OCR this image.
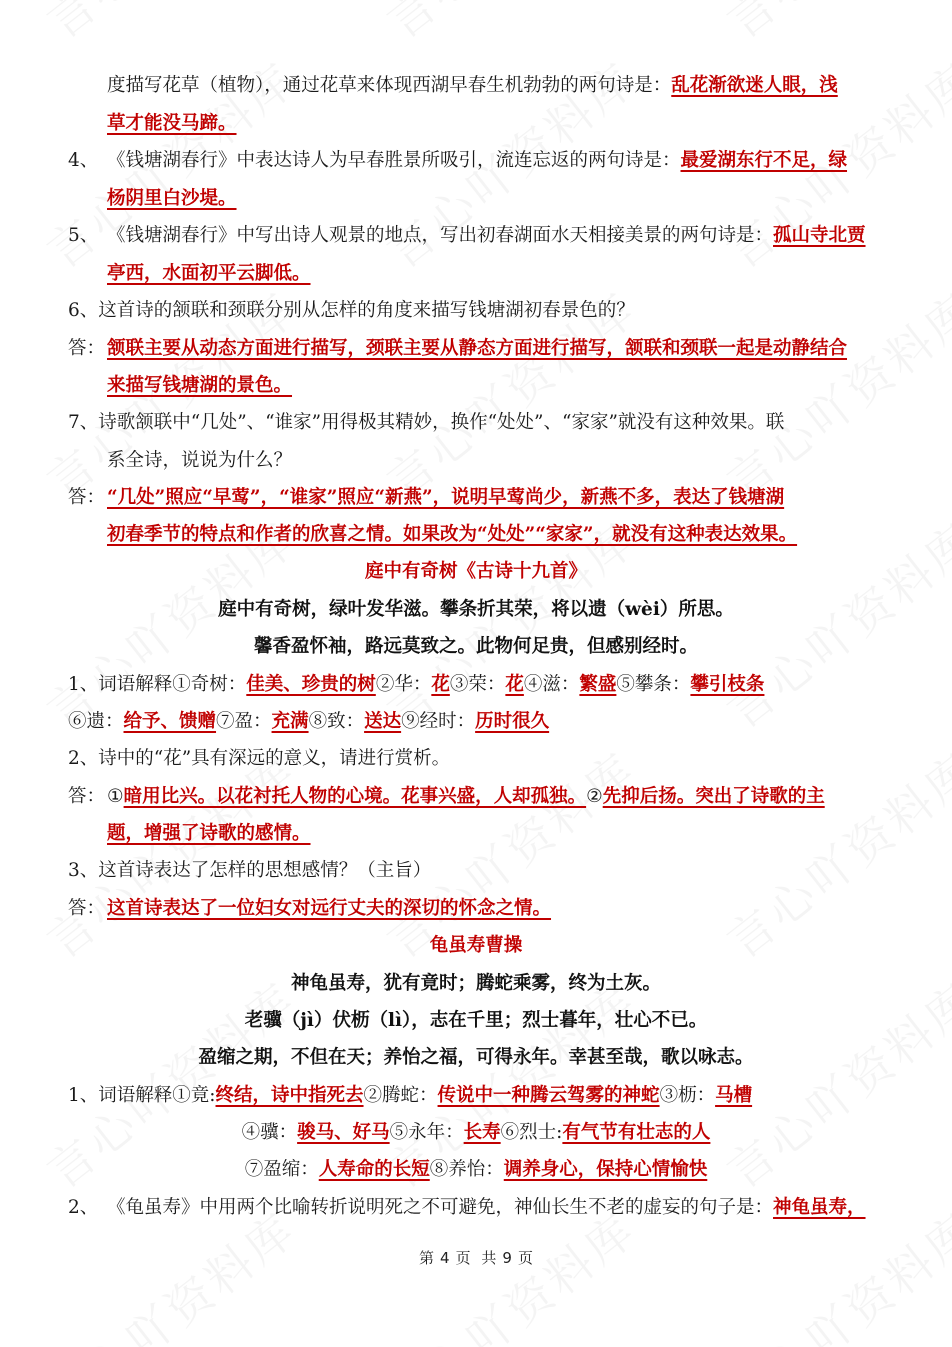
度描写花草（植物），通过花草来体现西湖早春生机勃勃的两句诗是：乱花渐欲迷人眼，浅
草才能没马蹄。
4、 《钱塘湖春行》中表达诗人为早春胜景所吸引，流连忘返的两句诗是：最爱湖东行不足，绿
杨阴里白沙堤。
5、 《钱塘湖春行》中写出诗人观景的地点，写出初春湖面水天相接美景的两句诗是：孤山寺北贾
亭西，水面初平云脚低。
6、这首诗的颔联和颈联分别从怎样的角度来描写钱塘湖初春景色的？
答： 颔联主要从动态方面进行描写，颈联主要从静态方面进行描写，颔联和颈联一起是动静结合
来描写钱塘湖的景色。
7、诗歌颔联中“几处”、“谁家”用得极其精妙，换作“处处”、“家家”就没有这种效果。联
系全诗，说说为什么？
答： “几处”照应“早莺”，“谁家”照应“新燕”，说明早莺尚少，新燕不多，表达了钱塘湖
初春季节的特点和作者的欣喜之情。如果改为“处处”“家家”，就没有这种表达效果。
庭中有奇树《古诗十九首》
庭中有奇树，绿叶发华滋。攀条折其荣，将以遗（wèi）所思。
馨香盈怀袖，路远莫致之。此物何足贵，但感别经时。
1、词语解释①奇树：佳美、珍贵的树②华：花③荣：花④滋：繁盛⑤攀条：攀引枝条
⑥遗：给予、馈赠⑦盈：充满⑧致：送达⑨经时：历时很久
2、诗中的“花”具有深远的意义，请进行赏析。
答： ①暗用比兴。以花衬托人物的心境。花事兴盛，人却孤独。②先抑后扬。突出了诗歌的主
题，增强了诗歌的感情。
3、这首诗表达了怎样的思想感情？（主旨）
答： 这首诗表达了一位妇女对远行丈夫的深切的怀念之情。
龟虽寿曹操
神龟虽寿，犹有竟时；腾蛇乘雾，终为土灰。
老骥（jì）伏枥（lì），志在千里；烈士暮年，壮心不已。
盈缩之期，不但在天；养怡之福，可得永年。幸甚至哉，歌以咏志。
1、词语解释①竟:终结，诗中指死去②腾蛇：传说中一种腾云驾雾的神蛇③枥：马槽
④骥：骏马、好马⑤永年：长寿⑥烈士:有气节有壮志的人
⑦盈缩：人寿命的长短⑧养怡：调养身心，保持心情愉快
2、 《龟虽寿》中用两个比喻转折说明死之不可避免，神仙长生不老的虚妄的句子是：神龟虽寿，
第 4 页 共 9 页
